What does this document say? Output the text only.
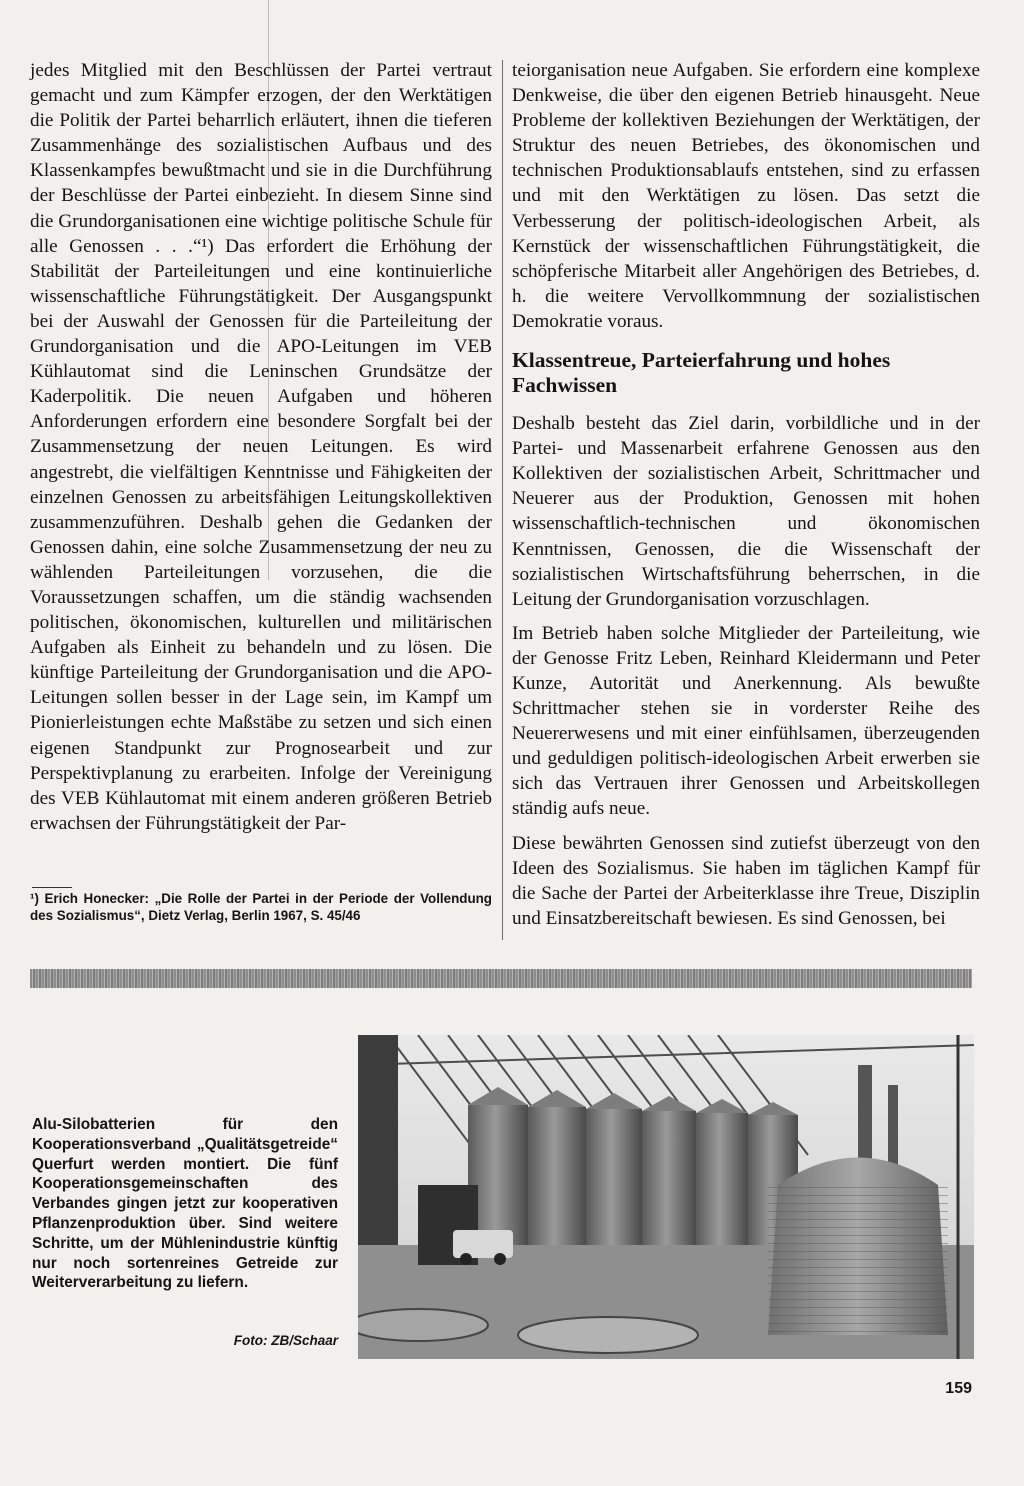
jedes Mitglied mit den Beschlüssen der Partei vertraut gemacht und zum Kämpfer erzogen, der den Werktätigen die Politik der Partei beharrlich erläutert, ihnen die tieferen Zusammenhänge des sozialistischen Aufbaus und des Klassenkampfes bewußtmacht und sie in die Durchführung der Beschlüsse der Partei einbezieht. In diesem Sinne sind die Grundorganisationen eine wichtige politische Schule für alle Genossen . . .“¹) Das erfordert die Erhöhung der Stabilität der Parteileitungen und eine kontinuierliche wissenschaftliche Führungstätigkeit. Der Ausgangspunkt bei der Auswahl der Genossen für die Parteileitung der Grundorganisation und die APO-Leitungen im VEB Kühlautomat sind die Leninschen Grundsätze der Kaderpolitik. Die neuen Aufgaben und höheren Anforderungen erfordern eine besondere Sorgfalt bei der Zusammensetzung der neuen Leitungen. Es wird angestrebt, die vielfältigen Kenntnisse und Fähigkeiten der einzelnen Genossen zu arbeitsfähigen Leitungskollektiven zusammenzuführen. Deshalb gehen die Gedanken der Genossen dahin, eine solche Zusammensetzung der neu zu wählenden Parteileitungen vorzusehen, die die Voraussetzungen schaffen, um die ständig wachsenden politischen, ökonomischen, kulturellen und militärischen Aufgaben als Einheit zu behandeln und zu lösen. Die künftige Parteileitung der Grundorganisation und die APO-Leitungen sollen besser in der Lage sein, im Kampf um Pionierleistungen echte Maßstäbe zu setzen und sich einen eigenen Standpunkt zur Prognosearbeit und zur Perspektivplanung zu erarbeiten. Infolge der Vereinigung des VEB Kühlautomat mit einem anderen größeren Betrieb erwachsen der Führungstätigkeit der Par-

teiorganisation neue Aufgaben. Sie erfordern eine komplexe Denkweise, die über den eigenen Betrieb hinausgeht. Neue Probleme der kollektiven Beziehungen der Werktätigen, der Struktur des neuen Betriebes, des ökonomischen und technischen Produktionsablaufs entstehen, sind zu erfassen und mit den Werktätigen zu lösen. Das setzt die Verbesserung der politisch-ideologischen Arbeit, als Kernstück der wissenschaftlichen Führungstätigkeit, die schöpferische Mitarbeit aller Angehörigen des Betriebes, d. h. die weitere Vervollkommnung der sozialistischen Demokratie voraus.

Klassentreue, Parteierfahrung und hohes Fachwissen

Deshalb besteht das Ziel darin, vorbildliche und in der Partei- und Massenarbeit erfahrene Genossen aus den Kollektiven der sozialistischen Arbeit, Schrittmacher und Neuerer aus der Produktion, Genossen mit hohen wissenschaftlich-technischen und ökonomischen Kenntnissen, Genossen, die die Wissenschaft der sozialistischen Wirtschaftsführung beherrschen, in die Leitung der Grundorganisation vorzuschlagen.

Im Betrieb haben solche Mitglieder der Parteileitung, wie der Genosse Fritz Leben, Reinhard Kleidermann und Peter Kunze, Autorität und Anerkennung. Als bewußte Schrittmacher stehen sie in vorderster Reihe des Neuererwesens und mit einer einfühlsamen, überzeugenden und geduldigen politisch-ideologischen Arbeit erwerben sie sich das Vertrauen ihrer Genossen und Arbeitskollegen ständig aufs neue.

Diese bewährten Genossen sind zutiefst überzeugt von den Ideen des Sozialismus. Sie haben im täglichen Kampf für die Sache der Partei der Arbeiterklasse ihre Treue, Disziplin und Einsatzbereitschaft bewiesen. Es sind Genossen, bei

¹) Erich Honecker: „Die Rolle der Partei in der Periode der Vollendung des Sozialismus“, Dietz Verlag, Berlin 1967, S. 45/46
Alu-Silobatterien für den Kooperationsverband „Qualitätsgetreide“ Querfurt werden montiert. Die fünf Kooperationsgemeinschaften des Verbandes gingen jetzt zur kooperativen Pflanzenproduktion über. Sind weitere Schritte, um der Mühlenindustrie künftig nur noch sortenreines Getreide zur Weiterverarbeitung zu liefern.
Foto: ZB/Schaar
159
